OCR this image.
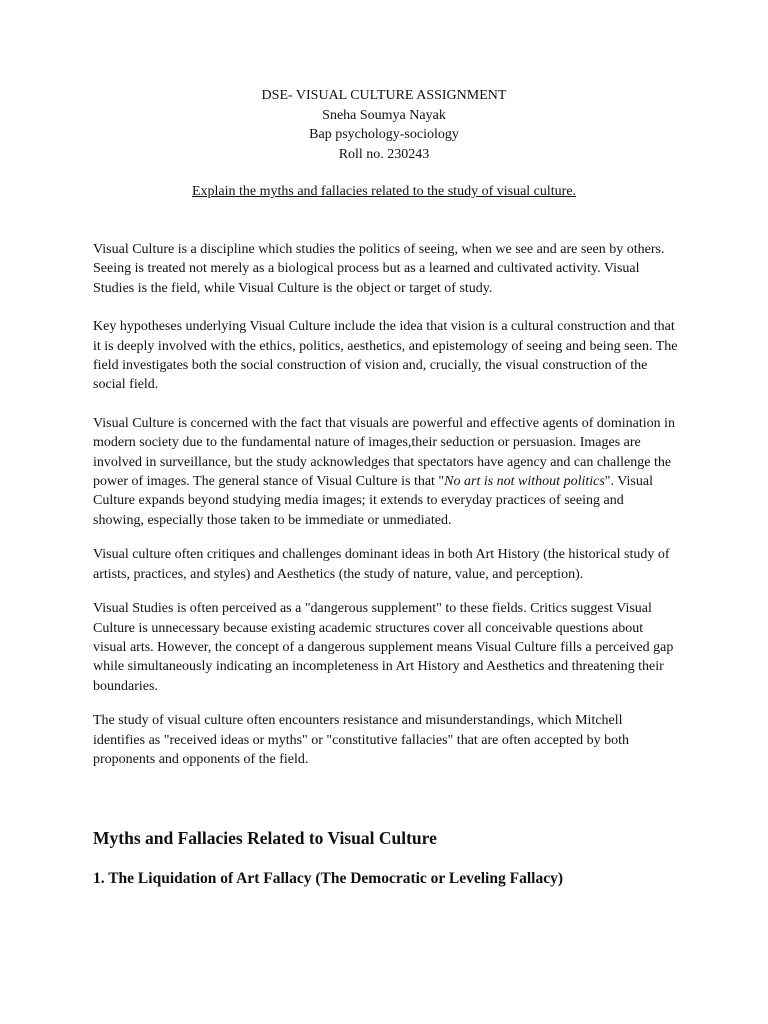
DSE- VISUAL CULTURE ASSIGNMENT
Sneha Soumya Nayak
Bap psychology-sociology
Roll no. 230243
Explain the myths and fallacies related to the study of visual culture.

Visual Culture is a discipline which studies the politics of seeing, when we see and are seen by others. Seeing is treated not merely as a biological process but as a learned and cultivated activity. Visual Studies is the field, while Visual Culture is the object or target of study.

Key hypotheses underlying Visual Culture include the idea that vision is a cultural construction and that it is deeply involved with the ethics, politics, aesthetics, and epistemology of seeing and being seen. The field investigates both the social construction of vision and, crucially, the visual construction of the social field.

Visual Culture is concerned with the fact that visuals are powerful and effective agents of domination in modern society due to the fundamental nature of images,their seduction or persuasion. Images are involved in surveillance, but the study acknowledges that spectators have agency and can challenge the power of images. The general stance of Visual Culture is that "No art is not without politics". Visual Culture expands beyond studying media images; it extends to everyday practices of seeing and showing, especially those taken to be immediate or unmediated.

Visual culture often critiques and challenges dominant ideas in both Art History (the historical study of artists, practices, and styles) and Aesthetics (the study of nature, value, and perception).

Visual Studies is often perceived as a "dangerous supplement" to these fields. Critics suggest Visual Culture is unnecessary because existing academic structures cover all conceivable questions about visual arts. However, the concept of a dangerous supplement means Visual Culture fills a perceived gap while simultaneously indicating an incompleteness in Art History and Aesthetics and threatening their boundaries.

The study of visual culture often encounters resistance and misunderstandings, which Mitchell identifies as "received ideas or myths" or "constitutive fallacies" that are often accepted by both proponents and opponents of the field.

Myths and Fallacies Related to Visual Culture
1. The Liquidation of Art Fallacy (The Democratic or Leveling Fallacy)
